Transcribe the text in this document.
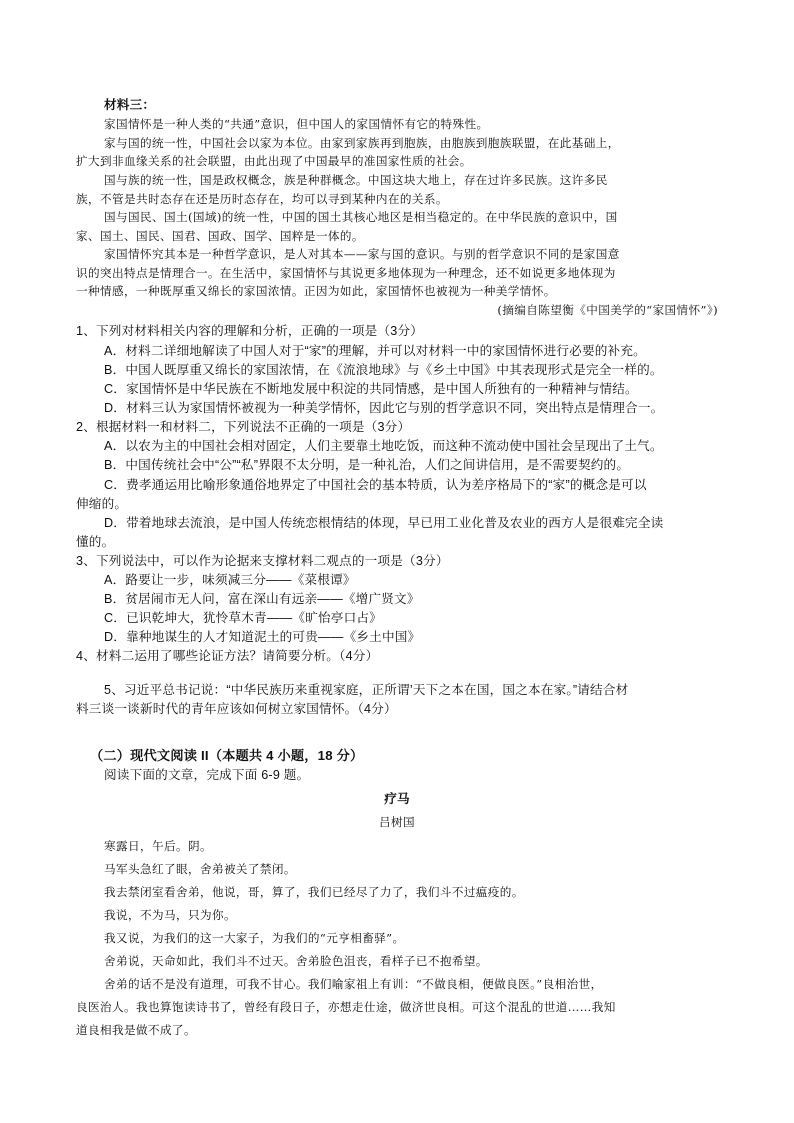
材料三：
家国情怀是一种人类的“共通”意识，但中国人的家国情怀有它的特殊性。
家与国的统一性，中国社会以家为本位。由家到家族再到胞族，由胞族到胞族联盟，在此基础上，
扩大到非血缘关系的社会联盟，由此出现了中国最早的准国家性质的社会。
国与族的统一性，国是政权概念，族是种群概念。中国这块大地上，存在过许多民族。这许多民
族，不管是共时态存在还是历时态存在，均可以寻到某种内在的关系。
国与国民、国土(国域)的统一性，中国的国土其核心地区是相当稳定的。在中华民族的意识中，国
家、国土、国民、国君、国政、国学、国粹是一体的。
家国情怀究其本是一种哲学意识，是人对其本——家与国的意识。与别的哲学意识不同的是家国意
识的突出特点是情理合一。在生活中，家国情怀与其说更多地体现为一种理念，还不如说更多地体现为
一种情感，一种既厚重又绵长的家国浓情。正因为如此，家国情怀也被视为一种美学情怀。
(摘编自陈望衡《中国美学的“家国情怀”》)
1、下列对材料相关内容的理解和分析，正确的一项是（3分）
A．材料二详细地解读了中国人对于“家”的理解，并可以对材料一中的家国情怀进行必要的补充。
B．中国人既厚重又绵长的家国浓情，在《流浪地球》与《乡土中国》中其表现形式是完全一样的。
C．家国情怀是中华民族在不断地发展中积淀的共同情感，是中国人所独有的一种精神与情结。
D．材料三认为家国情怀被视为一种美学情怀，因此它与别的哲学意识不同，突出特点是情理合一。
2、根据材料一和材料二，下列说法不正确的一项是（3分）
A．以农为主的中国社会相对固定，人们主要靠土地吃饭，而这种不流动使中国社会呈现出了土气。
B．中国传统社会中“公”“私”界限不太分明，是一种礼治，人们之间讲信用，是不需要契约的。
C．费孝通运用比喻形象通俗地界定了中国社会的基本特质，认为差序格局下的“家”的概念是可以
伸缩的。
D．带着地球去流浪，是中国人传统恋根情结的体现，早已用工业化普及农业的西方人是很难完全读
懂的。
3、下列说法中，可以作为论据来支撑材料二观点的一项是（3分）
A．路要让一步，味须减三分——《菜根谭》
B．贫居闹市无人问，富在深山有远亲——《增广贤文》
C．已识乾坤大，犹怜草木青——《旷怡亭口占》
D．靠种地谋生的人才知道泥土的可贵——《乡土中国》
4、材料二运用了哪些论证方法？请简要分析。（4分）
5、习近平总书记说：“中华民族历来重视家庭，正所谓’天下之本在国，国之本在家。”请结合材
料三谈一谈新时代的青年应该如何树立家国情怀。（4分）
（二）现代文阅读 II（本题共 4 小题，18 分）
阅读下面的文章，完成下面 6-9 题。
疗马
吕树国
寒露日，午后。阴。
马军头急红了眼，舍弟被关了禁闭。
我去禁闭室看舍弟，他说，哥，算了，我们已经尽了力了，我们斗不过瘟疫的。
我说，不为马，只为你。
我又说，为我们的这一大家子，为我们的“元亨相畜驿”。
舍弟说，天命如此，我们斗不过天。舍弟脸色沮丧，看样子已不抱希望。
舍弟的话不是没有道理，可我不甘心。我们喻家祖上有训：“不做良相，便做良医。”良相治世，
良医治人。我也算饱读诗书了，曾经有段日子，亦想走仕途，做济世良相。可这个混乱的世道……我知
道良相我是做不成了。
